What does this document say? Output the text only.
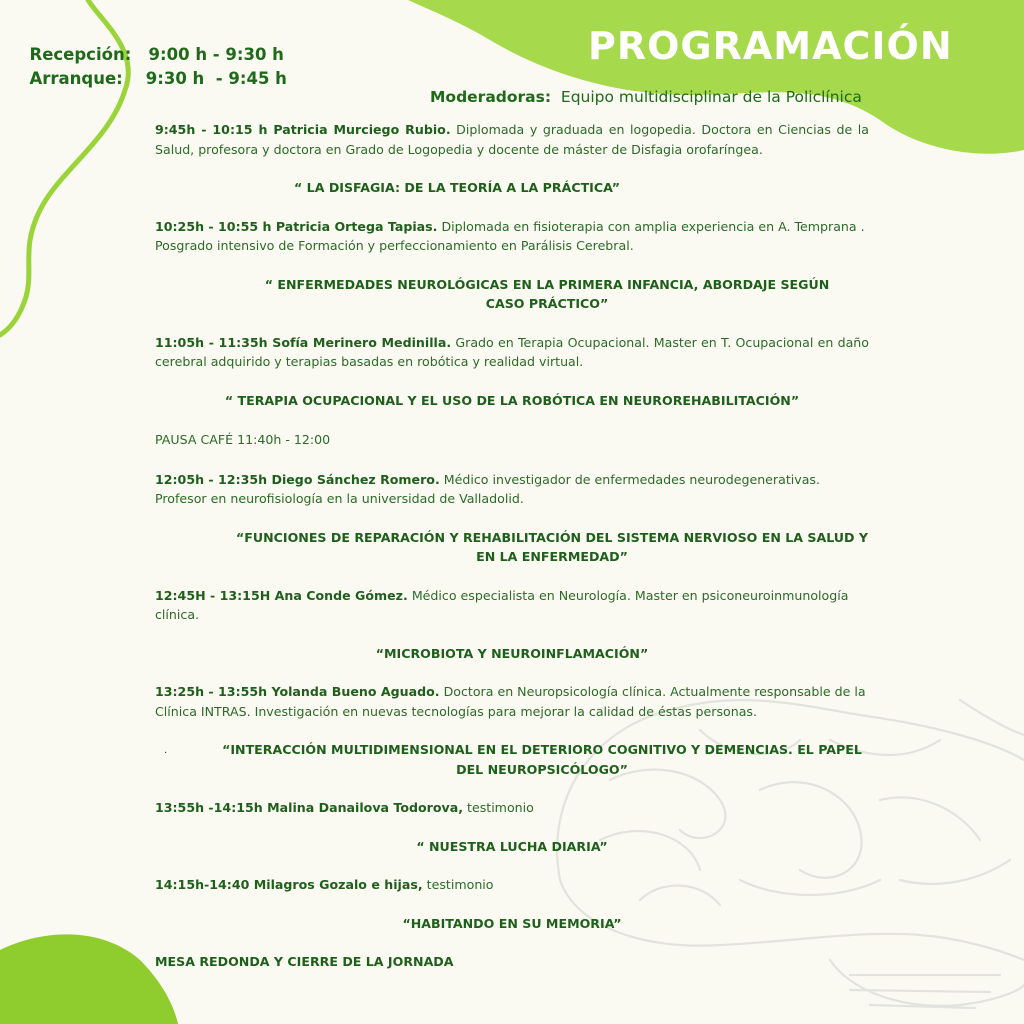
Recepción: 9:00 h - 9:30 h

Arranque: 9:30 h  - 9:45 h

PROGRAMACIÓN
Moderadoras: Equipo multidisciplinar de la Policlínica

9:45h - 10:15 h Patricia Murciego Rubio. Diplomada y graduada en logopedia. Doctora en Ciencias de la Salud, profesora y doctora en Grado de Logopedia y docente de máster de Disfagia orofaríngea.

“ LA DISFAGIA: DE LA TEORÍA A LA PRÁCTICA”

10:25h - 10:55 h Patricia Ortega Tapias. Diplomada en fisioterapia con amplia experiencia en A. Temprana . Posgrado intensivo de Formación y perfeccionamiento en Parálisis Cerebral.

“ ENFERMEDADES NEUROLÓGICAS EN LA PRIMERA INFANCIA, ABORDAJE SEGÚN CASO PRÁCTICO”

11:05h - 11:35h Sofía Merinero Medinilla. Grado en Terapia Ocupacional. Master en T. Ocupacional en daño cerebral adquirido y terapias basadas en robótica y realidad virtual.

“ TERAPIA OCUPACIONAL Y EL USO DE LA ROBÓTICA EN NEUROREHABILITACIÓN”

PAUSA CAFÉ 11:40h - 12:00

12:05h - 12:35h Diego Sánchez Romero. Médico investigador de enfermedades neurodegenerativas. Profesor en neurofisiología en la universidad de Valladolid.

“FUNCIONES DE REPARACIÓN Y REHABILITACIÓN DEL SISTEMA NERVIOSO EN LA SALUD Y EN LA ENFERMEDAD”

12:45H - 13:15H Ana Conde Gómez. Médico especialista en Neurología. Master en psiconeuroinmunología clínica.

“MICROBIOTA Y NEUROINFLAMACIÓN”

13:25h - 13:55h Yolanda Bueno Aguado. Doctora en Neuropsicología clínica. Actualmente responsable de la Clínica INTRAS. Investigación en nuevas tecnologías para mejorar la calidad de éstas personas.

“INTERACCIÓN MULTIDIMENSIONAL EN EL DETERIORO COGNITIVO Y DEMENCIAS. EL PAPEL DEL NEUROPSICÓLOGO”

13:55h -14:15h Malina Danailova Todorova, testimonio

“ NUESTRA LUCHA DIARIA”

14:15h-14:40 Milagros Gozalo e hijas, testimonio

“HABITANDO EN SU MEMORIA”

MESA REDONDA Y CIERRE DE LA JORNADA

·
